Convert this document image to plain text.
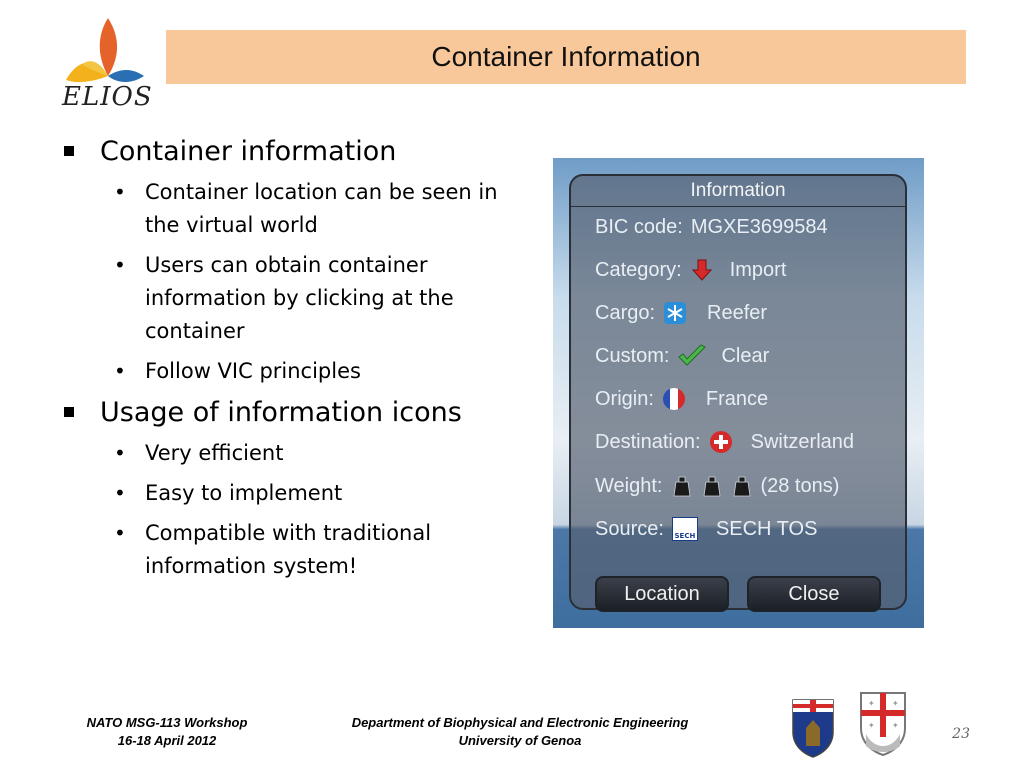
ELIOS
Container Information
Container information
• Container location can be seen in the virtual world
• Users can obtain container information by clicking at the container
• Follow VIC principles
Usage of information icons
• Very efficient
• Easy to implement
• Compatible with traditional information system!
Information
BIC code: MGXE3699584
Category: Import
Cargo:	Reefer
Custom:	Clear
Origin:	France
Destination:	Switzerland
Weight:	(28 tons)
Source:	SECH SECH TOS
Location	Close
NATO MSG-113 Workshop
16-18 April 2012
Department of Biophysical and Electronic Engineering
University of Genoa
✦ ✦
✦ ✦
23
